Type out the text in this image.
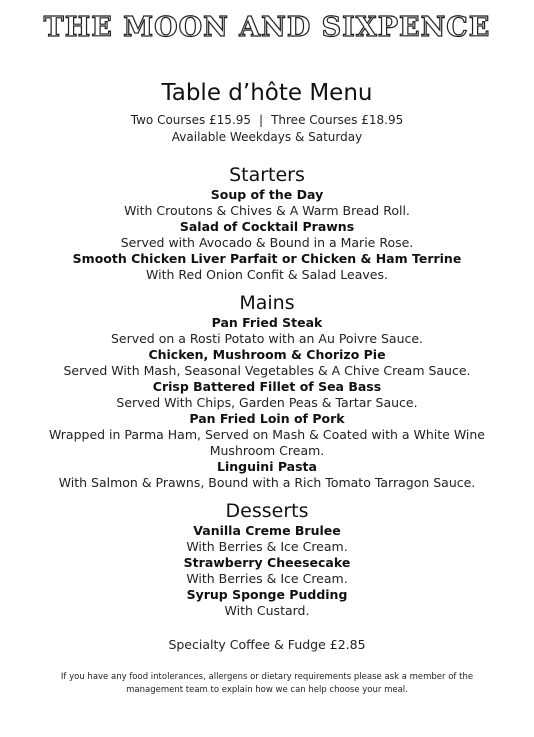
THE MOON AND SIXPENCE
Table d’hôte Menu
Two Courses £15.95 | Three Courses £18.95
Available Weekdays & Saturday
Starters
Soup of the Day
With Croutons & Chives & A Warm Bread Roll.
Salad of Cocktail Prawns
Served with Avocado & Bound in a Marie Rose.
Smooth Chicken Liver Parfait or Chicken & Ham Terrine
With Red Onion Confit & Salad Leaves.
Mains
Pan Fried Steak
Served on a Rosti Potato with an Au Poivre Sauce.
Chicken, Mushroom & Chorizo Pie
Served With Mash, Seasonal Vegetables & A Chive Cream Sauce.
Crisp Battered Fillet of Sea Bass
Served With Chips, Garden Peas & Tartar Sauce.
Pan Fried Loin of Pork
Wrapped in Parma Ham, Served on Mash & Coated with a White Wine Mushroom Cream.
Linguini Pasta
With Salmon & Prawns, Bound with a Rich Tomato Tarragon Sauce.
Desserts
Vanilla Creme Brulee
With Berries & Ice Cream.
Strawberry Cheesecake
With Berries & Ice Cream.
Syrup Sponge Pudding
With Custard.
Specialty Coffee & Fudge £2.85
If you have any food intolerances, allergens or dietary requirements please ask a member of the management team to explain how we can help choose your meal.
